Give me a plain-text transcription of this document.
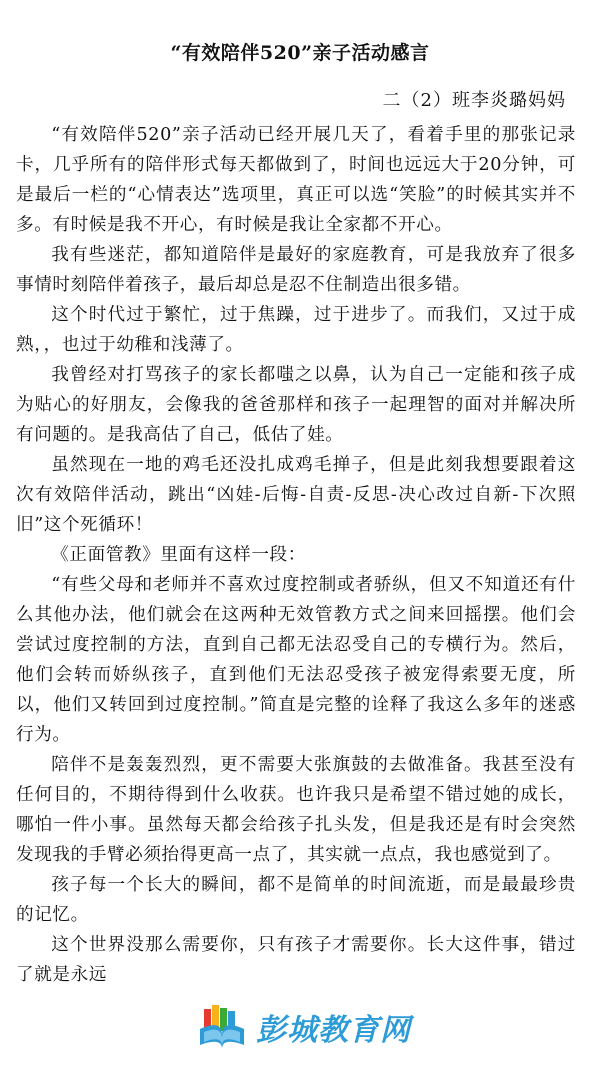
“有效陪伴520”亲子活动感言
二（2）班李炎璐妈妈

“有效陪伴520”亲子活动已经开展几天了，看着手里的那张记录卡，几乎所有的陪伴形式每天都做到了，时间也远远大于20分钟，可是最后一栏的“心情表达”选项里，真正可以选“笑脸”的时候其实并不多。有时候是我不开心，有时候是我让全家都不开心。

我有些迷茫，都知道陪伴是最好的家庭教育，可是我放弃了很多事情时刻陪伴着孩子，最后却总是忍不住制造出很多错。

这个时代过于繁忙，过于焦躁，过于进步了。而我们，又过于成熟，，也过于幼稚和浅薄了。

我曾经对打骂孩子的家长都嗤之以鼻，认为自己一定能和孩子成为贴心的好朋友，会像我的爸爸那样和孩子一起理智的面对并解决所有问题的。是我高估了自己，低估了娃。

虽然现在一地的鸡毛还没扎成鸡毛掸子，但是此刻我想要跟着这次有效陪伴活动，跳出“凶娃-后悔-自责-反思-决心改过自新-下次照旧”这个死循环！

《正面管教》里面有这样一段：

“有些父母和老师并不喜欢过度控制或者骄纵，但又不知道还有什么其他办法，他们就会在这两种无效管教方式之间来回摇摆。他们会尝试过度控制的方法，直到自己都无法忍受自己的专横行为。然后，他们会转而娇纵孩子，直到他们无法忍受孩子被宠得索要无度，所以，他们又转回到过度控制。”简直是完整的诠释了我这么多年的迷惑行为。

陪伴不是轰轰烈烈，更不需要大张旗鼓的去做准备。我甚至没有任何目的，不期待得到什么收获。也许我只是希望不错过她的成长，哪怕一件小事。虽然每天都会给孩子扎头发，但是我还是有时会突然发现我的手臂必须抬得更高一点了，其实就一点点，我也感觉到了。

孩子每一个长大的瞬间，都不是简单的时间流逝，而是最最珍贵的记忆。

这个世界没那么需要你，只有孩子才需要你。长大这件事，错过了就是永远

彭城教育网
